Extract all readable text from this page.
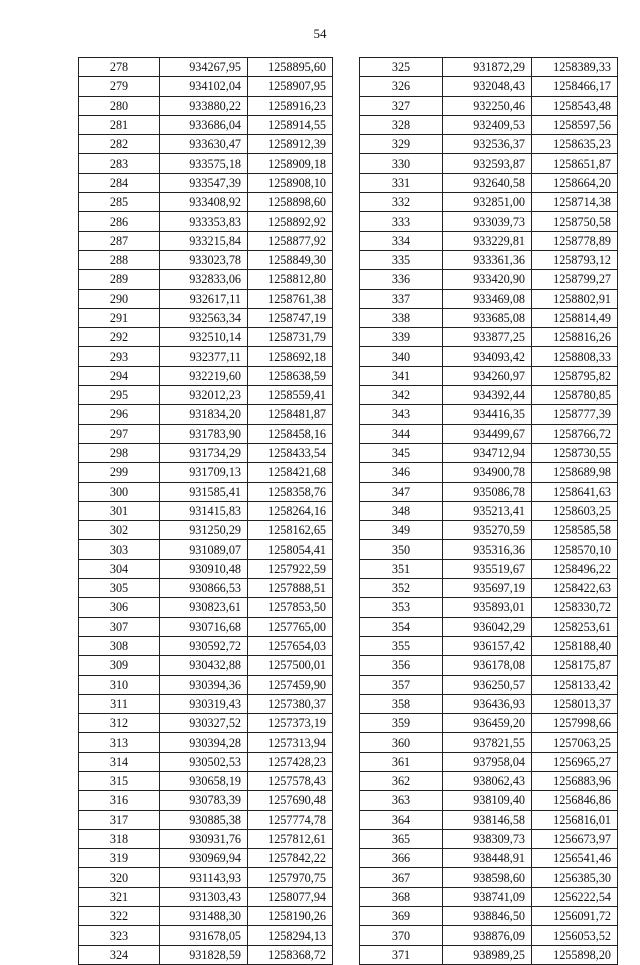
54
278	934267,95	1258895,60
279	934102,04	1258907,95
280	933880,22	1258916,23
281	933686,04	1258914,55
282	933630,47	1258912,39
283	933575,18	1258909,18
284	933547,39	1258908,10
285	933408,92	1258898,60
286	933353,83	1258892,92
287	933215,84	1258877,92
288	933023,78	1258849,30
289	932833,06	1258812,80
290	932617,11	1258761,38
291	932563,34	1258747,19
292	932510,14	1258731,79
293	932377,11	1258692,18
294	932219,60	1258638,59
295	932012,23	1258559,41
296	931834,20	1258481,87
297	931783,90	1258458,16
298	931734,29	1258433,54
299	931709,13	1258421,68
300	931585,41	1258358,76
301	931415,83	1258264,16
302	931250,29	1258162,65
303	931089,07	1258054,41
304	930910,48	1257922,59
305	930866,53	1257888,51
306	930823,61	1257853,50
307	930716,68	1257765,00
308	930592,72	1257654,03
309	930432,88	1257500,01
310	930394,36	1257459,90
311	930319,43	1257380,37
312	930327,52	1257373,19
313	930394,28	1257313,94
314	930502,53	1257428,23
315	930658,19	1257578,43
316	930783,39	1257690,48
317	930885,38	1257774,78
318	930931,76	1257812,61
319	930969,94	1257842,22
320	931143,93	1257970,75
321	931303,43	1258077,94
322	931488,30	1258190,26
323	931678,05	1258294,13
324	931828,59	1258368,72
325	931872,29	1258389,33
326	932048,43	1258466,17
327	932250,46	1258543,48
328	932409,53	1258597,56
329	932536,37	1258635,23
330	932593,87	1258651,87
331	932640,58	1258664,20
332	932851,00	1258714,38
333	933039,73	1258750,58
334	933229,81	1258778,89
335	933361,36	1258793,12
336	933420,90	1258799,27
337	933469,08	1258802,91
338	933685,08	1258814,49
339	933877,25	1258816,26
340	934093,42	1258808,33
341	934260,97	1258795,82
342	934392,44	1258780,85
343	934416,35	1258777,39
344	934499,67	1258766,72
345	934712,94	1258730,55
346	934900,78	1258689,98
347	935086,78	1258641,63
348	935213,41	1258603,25
349	935270,59	1258585,58
350	935316,36	1258570,10
351	935519,67	1258496,22
352	935697,19	1258422,63
353	935893,01	1258330,72
354	936042,29	1258253,61
355	936157,42	1258188,40
356	936178,08	1258175,87
357	936250,57	1258133,42
358	936436,93	1258013,37
359	936459,20	1257998,66
360	937821,55	1257063,25
361	937958,04	1256965,27
362	938062,43	1256883,96
363	938109,40	1256846,86
364	938146,58	1256816,01
365	938309,73	1256673,97
366	938448,91	1256541,46
367	938598,60	1256385,30
368	938741,09	1256222,54
369	938846,50	1256091,72
370	938876,09	1256053,52
371	938989,25	1255898,20
